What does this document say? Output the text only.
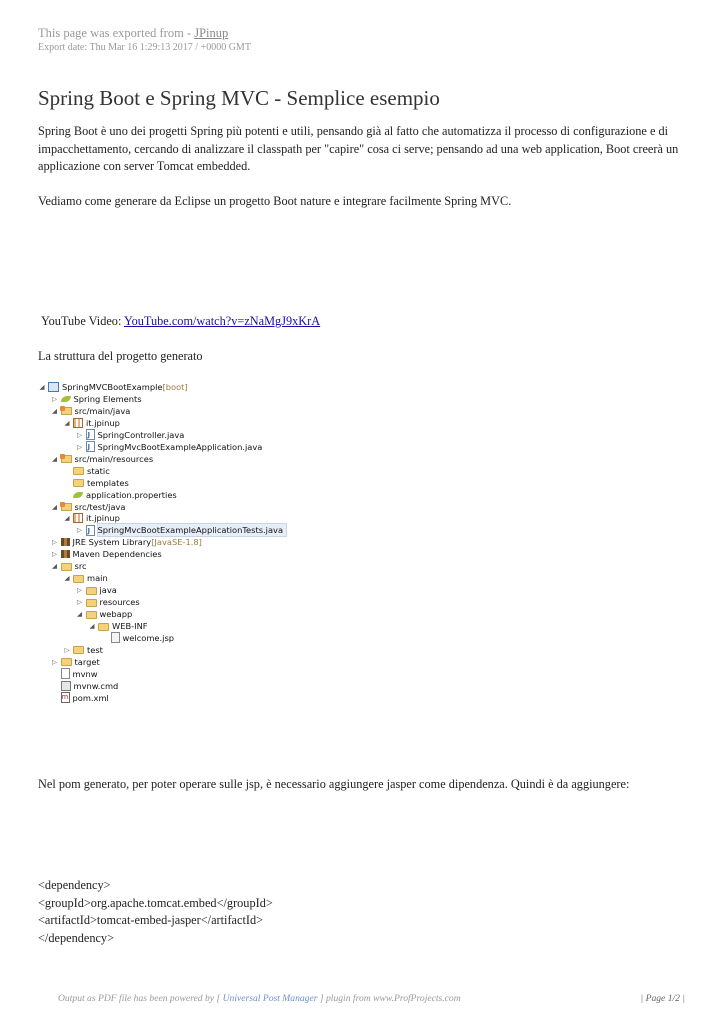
This page was exported from - JPinup
Export date: Thu Mar 16 1:29:13 2017 / +0000 GMT
Spring Boot e Spring MVC - Semplice esempio

Spring Boot è uno dei progetti Spring più potenti e utili, pensando già al fatto che automatizza il processo di configurazione e di impacchettamento, cercando di analizzare il classpath per "capire" cosa ci serve; pensando ad una web application, Boot creerà un applicazione con server Tomcat embedded.

Vediamo come generare da Eclipse un progetto Boot nature e integrare facilmente Spring MVC.

YouTube Video: YouTube.com/watch?v=zNaMgJ9xKrA
La struttura del progetto generato
◢ SpringMVCBootExample [boot]
▷ Spring Elements
◢ src/main/java
◢ it.jpinup
▷ J SpringController.java
▷ J SpringMvcBootExampleApplication.java
◢ src/main/resources
static
templates
application.properties
◢ src/test/java
◢ it.jpinup
▷ J SpringMvcBootExampleApplicationTests.java
▷ JRE System Library [JavaSE-1.8]
▷ Maven Dependencies
◢ src
◢ main
▷ java
▷ resources
◢ webapp
◢ WEB-INF
welcome.jsp
▷ test
▷ target
mvnw
mvnw.cmd
m
pom.xml

Nel pom generato, per poter operare sulle jsp, è necessario aggiungere jasper come dipendenza. Quindi è da aggiungere:

<dependency>
<groupId>org.apache.tomcat.embed</groupId>
<artifactId>tomcat-embed-jasper</artifactId>
</dependency>
Output as PDF file has been powered by [ Universal Post Manager ] plugin from www.ProfProjects.com	| Page 1/2 |
